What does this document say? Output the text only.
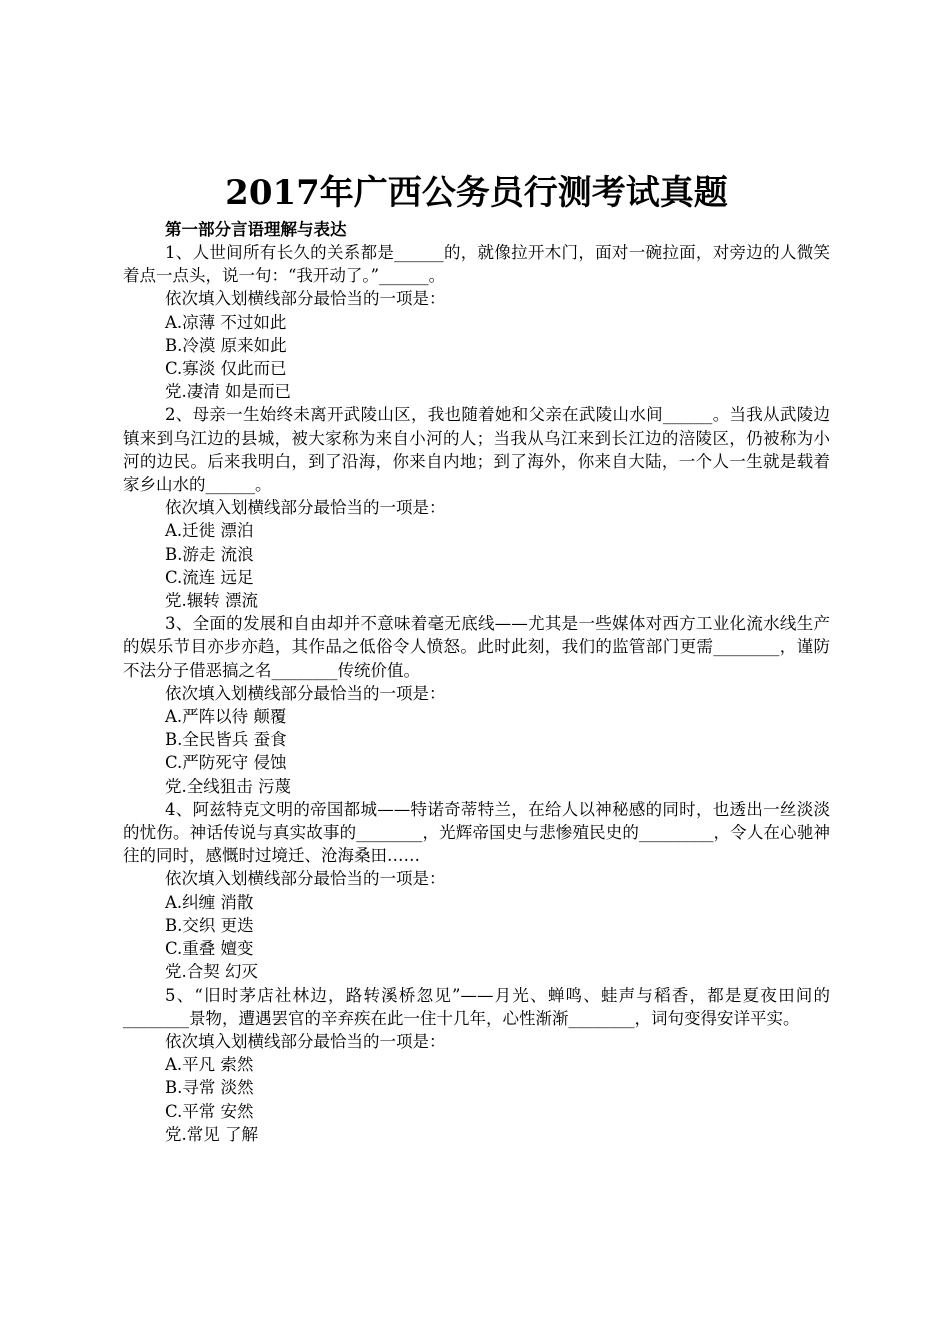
2017年广西公务员行测考试真题

第一部分言语理解与表达

1、人世间所有长久的关系都是______的，就像拉开木门，面对一碗拉面，对旁边的人微笑着点一点头，说一句：“我开动了。”______。

依次填入划横线部分最恰当的一项是：

A.凉薄 不过如此

B.冷漠 原来如此

C.寡淡 仅此而已

党.凄清 如是而已

2、母亲一生始终未离开武陵山区，我也随着她和父亲在武陵山水间______。当我从武陵边镇来到乌江边的县城，被大家称为来自小河的人；当我从乌江来到长江边的涪陵区，仍被称为小河的边民。后来我明白，到了沿海，你来自内地；到了海外，你来自大陆，一个人一生就是载着家乡山水的______。

依次填入划横线部分最恰当的一项是：

A.迁徙 漂泊

B.游走 流浪

C.流连 远足

党.辗转 漂流

3、全面的发展和自由却并不意味着毫无底线——尤其是一些媒体对西方工业化流水线生产的娱乐节目亦步亦趋，其作品之低俗令人愤怒。此时此刻，我们的监管部门更需________，谨防不法分子借恶搞之名________传统价值。

依次填入划横线部分最恰当的一项是：

A.严阵以待 颠覆

B.全民皆兵 蚕食

C.严防死守 侵蚀

党.全线狙击 污蔑

4、阿兹特克文明的帝国都城——特诺奇蒂特兰，在给人以神秘感的同时，也透出一丝淡淡的忧伤。神话传说与真实故事的________，光辉帝国史与悲惨殖民史的_________，令人在心驰神往的同时，感慨时过境迁、沧海桑田……

依次填入划横线部分最恰当的一项是：

A.纠缠 消散

B.交织 更迭

C.重叠 嬗变

党.合契 幻灭

5、“旧时茅店社林边，路转溪桥忽见”——月光、蝉鸣、蛙声与稻香，都是夏夜田间的________景物，遭遇罢官的辛弃疾在此一住十几年，心性渐渐________，词句变得安详平实。

依次填入划横线部分最恰当的一项是：

A.平凡 索然

B.寻常 淡然

C.平常 安然

党.常见 了解
